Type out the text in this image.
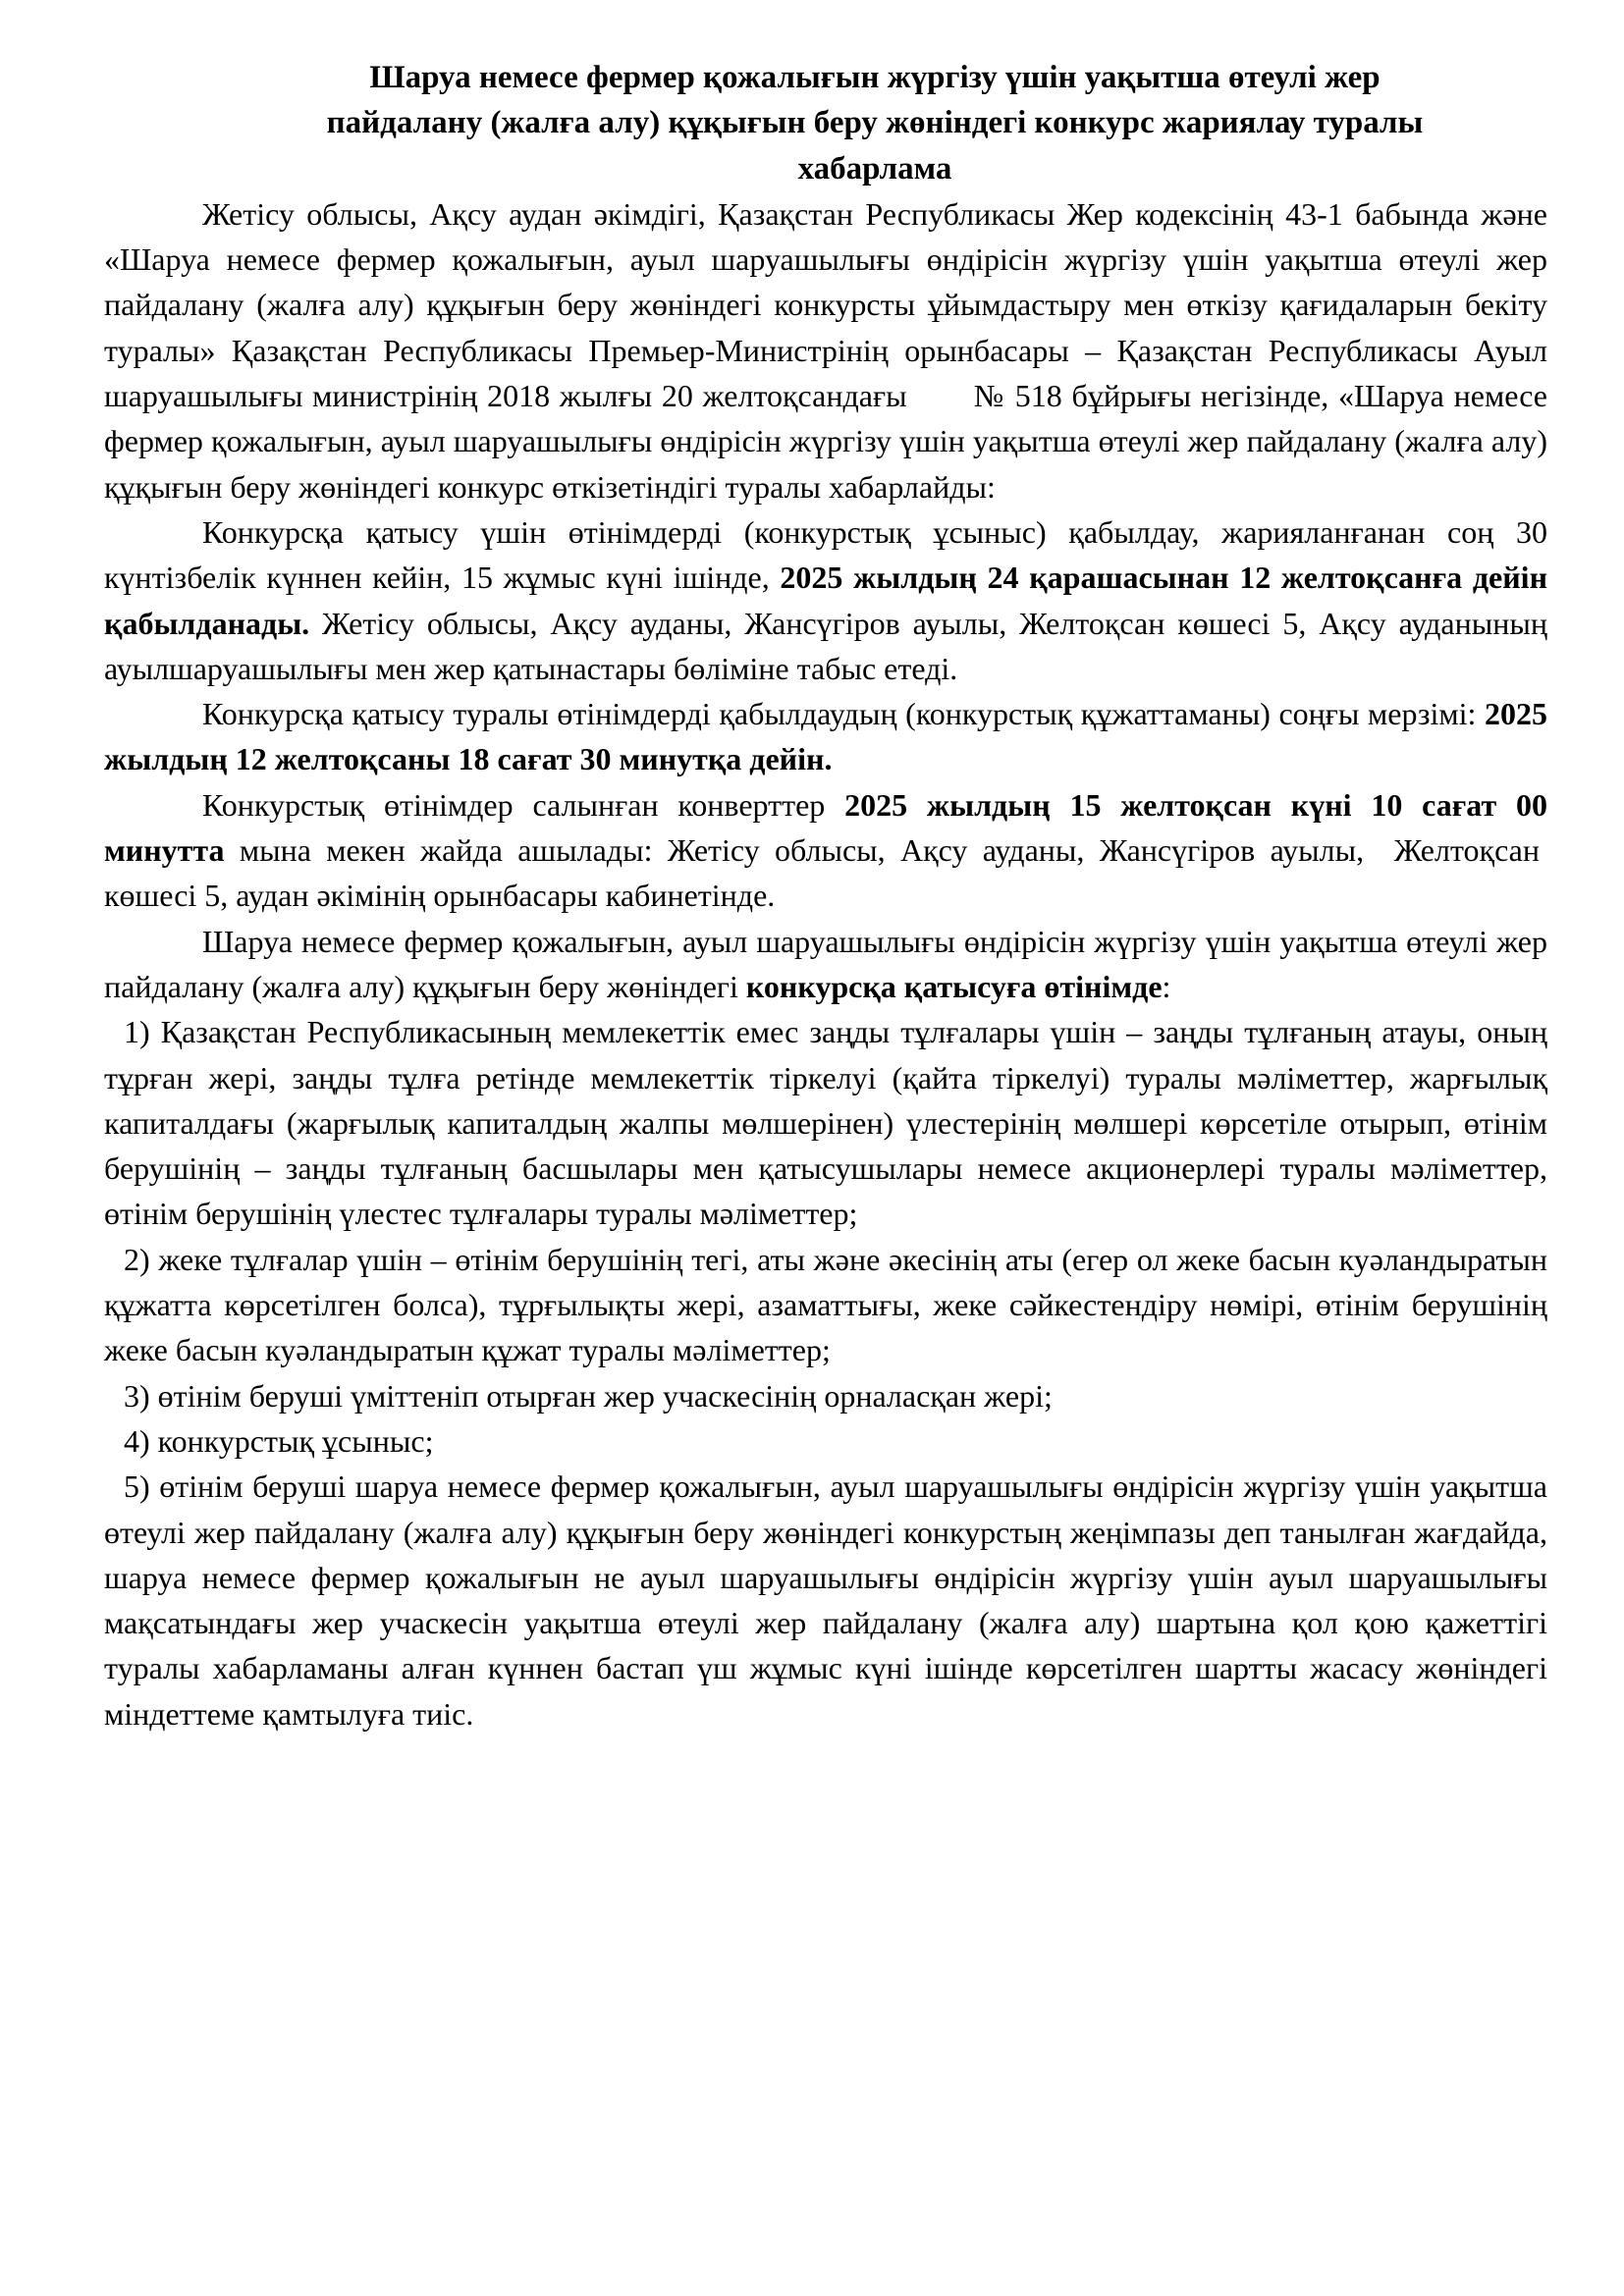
Шаруа немесе фермер қожалығын жүргізу үшін уақытша өтеулі жер
пайдалану (жалға алу) құқығын беру жөніндегі конкурс жариялау туралы
хабарлама

Жетісу облысы, Ақсу аудан әкімдігі, Қазақстан Республикасы Жер кодексінің 43-1 бабында және «Шаруа немесе фермер қожалығын, ауыл шаруашылығы өндірісін жүргізу үшін уақытша өтеулі жер пайдалану (жалға алу) құқығын беру жөніндегі конкурсты ұйымдастыру мен өткізу қағидаларын бекіту туралы» Қазақстан Республикасы Премьер-Министрінің орынбасары – Қазақстан Республикасы Ауыл шаруашылығы министрінің 2018 жылғы 20 желтоқсандағы       № 518 бұйрығы негізінде, «Шаруа немесе фермер қожалығын, ауыл шаруашылығы өндірісін жүргізу үшін уақытша өтеулі жер пайдалану (жалға алу) құқығын беру жөніндегі конкурс өткізетіндігі туралы хабарлайды:

Конкурсқа қатысу үшін өтінімдерді (конкурстық ұсыныс) қабылдау, жарияланғанан соң 30 күнтізбелік күннен кейін, 15 жұмыс күні ішінде, 2025 жылдың 24 қарашасынан 12 желтоқсанға дейін қабылданады. Жетісу облысы, Ақсу ауданы, Жансүгіров ауылы, Желтоқсан көшесі 5, Ақсу ауданының ауылшаруашылығы мен жер қатынастары бөліміне табыс етеді.

Конкурсқа қатысу туралы өтінімдерді қабылдаудың (конкурстық құжаттаманы) соңғы мерзімі: 2025 жылдың 12 желтоқсаны 18 сағат 30 минутқа дейін.

Конкурстық өтінімдер салынған конверттер 2025 жылдың 15 желтоқсан күні 10 сағат 00 минутта мына мекен жайда ашылады: Жетісу облысы, Ақсу ауданы, Жансүгіров ауылы,  Желтоқсан  көшесі 5, аудан әкімінің орынбасары кабинетінде.

Шаруа немесе фермер қожалығын, ауыл шаруашылығы өндірісін жүргізу үшін уақытша өтеулі жер пайдалану (жалға алу) құқығын беру жөніндегі конкурсқа қатысуға өтінімде:

1) Қазақстан Республикасының мемлекеттік емес заңды тұлғалары үшін – заңды тұлғаның атауы, оның тұрған жері, заңды тұлға ретінде мемлекеттік тіркелуі (қайта тіркелуі) туралы мәліметтер, жарғылық капиталдағы (жарғылық капиталдың жалпы мөлшерінен) үлестерінің мөлшері көрсетіле отырып, өтінім берушінің – заңды тұлғаның басшылары мен қатысушылары немесе акционерлері туралы мәліметтер, өтінім берушінің үлестес тұлғалары туралы мәліметтер;

2) жеке тұлғалар үшін – өтінім берушінің тегі, аты және әкесінің аты (егер ол жеке басын куәландыратын құжатта көрсетілген болса), тұрғылықты жері, азаматтығы, жеке сәйкестендіру нөмірі, өтінім берушінің жеке басын куәландыратын құжат туралы мәліметтер;

3) өтінім беруші үміттеніп отырған жер учаскесінің орналасқан жері;

4) конкурстық ұсыныс;

5) өтінім беруші шаруа немесе фермер қожалығын, ауыл шаруашылығы өндірісін жүргізу үшін уақытша өтеулі жер пайдалану (жалға алу) құқығын беру жөніндегі конкурстың жеңімпазы деп танылған жағдайда, шаруа немесе фермер қожалығын не ауыл шаруашылығы өндірісін жүргізу үшін ауыл шаруашылығы мақсатындағы жер учаскесін уақытша өтеулі жер пайдалану (жалға алу) шартына қол қою қажеттігі туралы хабарламаны алған күннен бастап үш жұмыс күні ішінде көрсетілген шартты жасасу жөніндегі міндеттеме қамтылуға тиіс.
